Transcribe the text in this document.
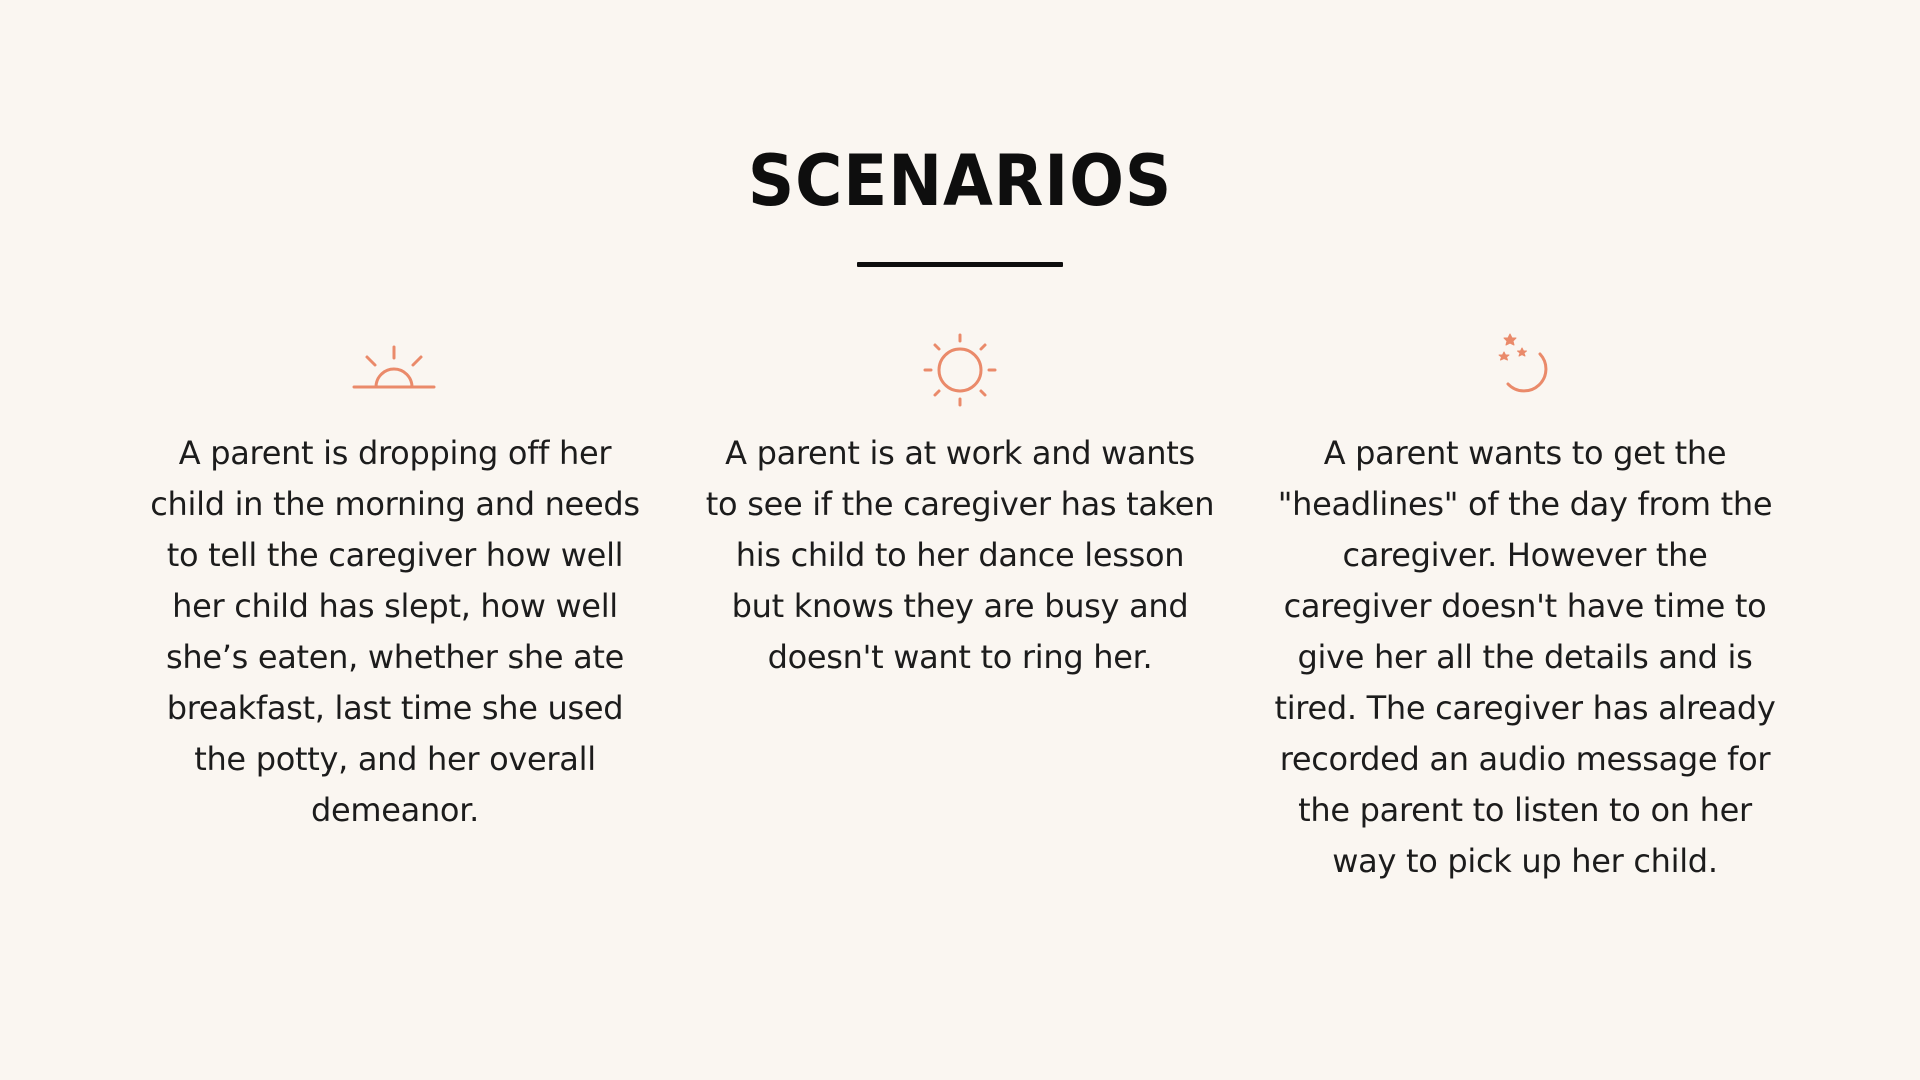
SCENARIOS
A parent is dropping off her
child in the morning and needs
to tell the caregiver how well
her child has slept, how well
she’s eaten, whether she ate
breakfast, last time she used
the potty, and her overall
demeanor.
A parent is at work and wants
to see if the caregiver has taken
his child to her dance lesson
but knows they are busy and
doesn't want to ring her.
A parent wants to get the
"headlines" of the day from the
caregiver. However the
caregiver doesn't have time to
give her all the details and is
tired. The caregiver has already
recorded an audio message for
the parent to listen to on her
way to pick up her child.
